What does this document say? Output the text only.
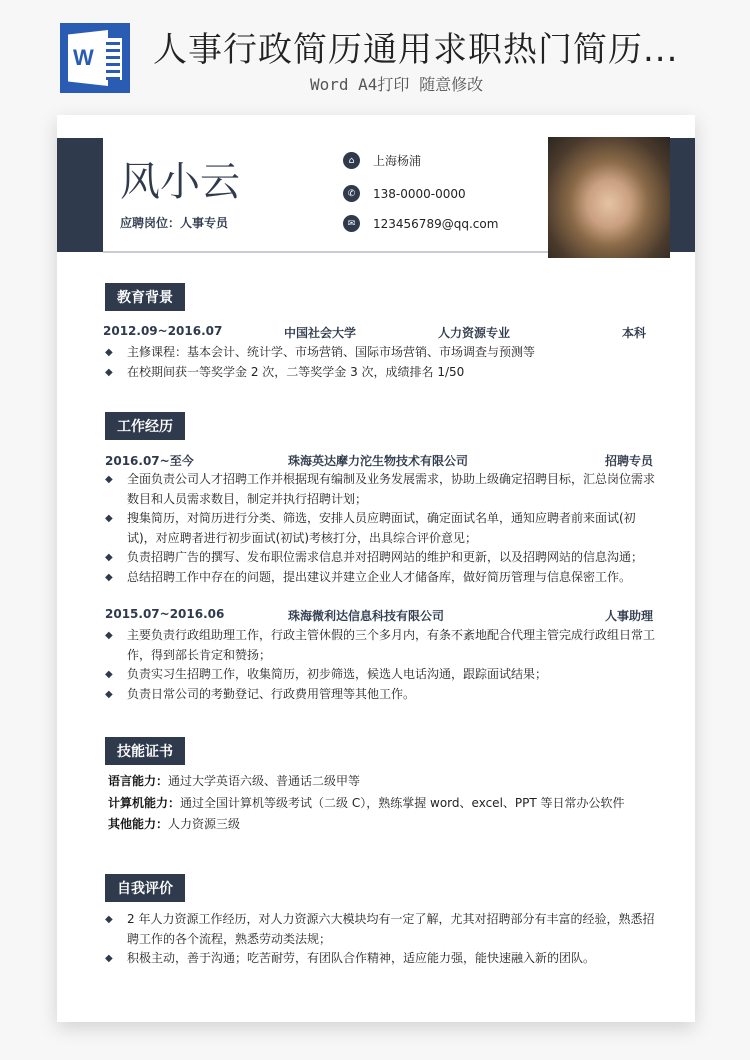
W 人事行政简历通用求职热门简历...
Word A4打印 随意修改
风小云
应聘岗位：人事专员
⌂	上海杨浦
✆	138-0000-0000
✉	123456789@qq.com
教育背景
2012.09~2016.07	中国社会大学	人力资源专业	本科
◆ 主修课程：基本会计、统计学、市场营销、国际市场营销、市场调查与预测等
◆ 在校期间获一等奖学金 2 次，二等奖学金 3 次，成绩排名 1/50
工作经历
2016.07~至今	珠海英达摩力沱生物技术有限公司	招聘专员
◆ 全面负责公司人才招聘工作并根据现有编制及业务发展需求，协助上级确定招聘目标，汇总岗位需求数目和人员需求数目，制定并执行招聘计划；
◆ 搜集简历，对简历进行分类、筛选，安排人员应聘面试，确定面试名单，通知应聘者前来面试(初试)，对应聘者进行初步面试(初试)考核打分，出具综合评价意见；
◆ 负责招聘广告的撰写、发布职位需求信息并对招聘网站的维护和更新，以及招聘网站的信息沟通；
◆ 总结招聘工作中存在的问题，提出建议并建立企业人才储备库，做好简历管理与信息保密工作。
2015.07~2016.06	珠海微利达信息科技有限公司	人事助理
◆ 主要负责行政组助理工作，行政主管休假的三个多月内，有条不紊地配合代理主管完成行政组日常工作，得到部长肯定和赞扬；
◆ 负责实习生招聘工作，收集简历，初步筛选，候选人电话沟通，跟踪面试结果；
◆ 负责日常公司的考勤登记、行政费用管理等其他工作。
技能证书
语言能力：通过大学英语六级、普通话二级甲等
计算机能力：通过全国计算机等级考试（二级 C），熟练掌握 word、excel、PPT 等日常办公软件
其他能力：人力资源三级
自我评价
◆ 2 年人力资源工作经历，对人力资源六大模块均有一定了解，尤其对招聘部分有丰富的经验，熟悉招聘工作的各个流程，熟悉劳动类法规；
◆ 积极主动，善于沟通；吃苦耐劳，有团队合作精神，适应能力强，能快速融入新的团队。
